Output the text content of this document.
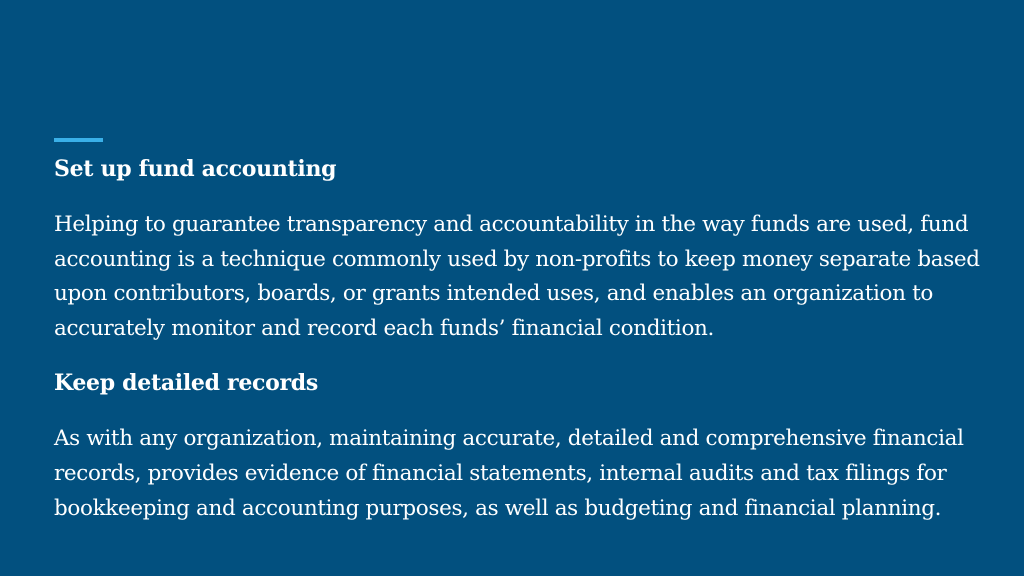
Set up fund accounting

Helping to guarantee transparency and accountability in the way funds are used, fund accounting is a technique commonly used by non-profits to keep money separate based upon contributors, boards, or grants intended uses, and enables an organization to accurately monitor and record each funds’ financial condition.

Keep detailed records

As with any organization, maintaining accurate, detailed and comprehensive financial records, provides evidence of financial statements, internal audits and tax filings for bookkeeping and accounting purposes, as well as budgeting and financial planning.
